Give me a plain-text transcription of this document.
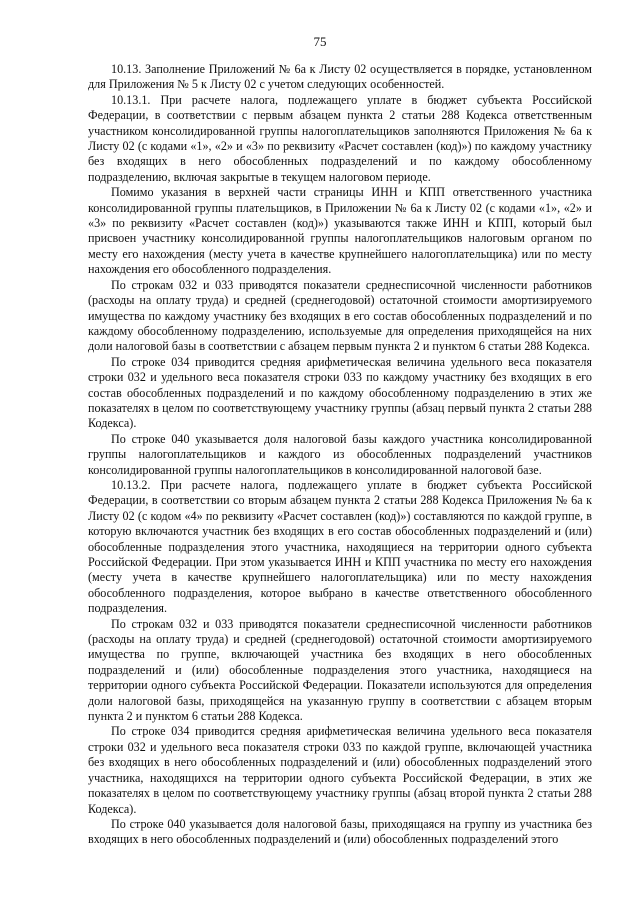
75

10.13. Заполнение Приложений № 6а к Листу 02 осуществляется в порядке, установленном для Приложения № 5 к Листу 02 с учетом следующих особенностей.

10.13.1. При расчете налога, подлежащего уплате в бюджет субъекта Российской Федерации, в соответствии с первым абзацем пункта 2 статьи 288 Кодекса ответственным участником консолидированной группы налогоплательщиков заполняются Приложения № 6а к Листу 02 (с кодами «1», «2» и «3» по реквизиту «Расчет составлен (код)») по каждому участнику без входящих в него обособленных подразделений и по каждому обособленному подразделению, включая закрытые в текущем налоговом периоде.

Помимо указания в верхней части страницы ИНН и КПП ответственного участника консолидированной группы плательщиков, в Приложении № 6а к Листу 02 (с кодами «1», «2» и «3» по реквизиту «Расчет составлен (код)») указываются также ИНН и КПП, который был присвоен участнику консолидированной группы налогоплательщиков налоговым органом по месту его нахождения (месту учета в качестве крупнейшего налогоплательщика) или по месту нахождения его обособленного подразделения.

По строкам 032 и 033 приводятся показатели среднесписочной численности работников (расходы на оплату труда) и средней (среднегодовой) остаточной стоимости амортизируемого имущества по каждому участнику без входящих в его состав обособленных подразделений и по каждому обособленному подразделению, используемые для определения приходящейся на них доли налоговой базы в соответствии с абзацем первым пункта 2 и пунктом 6 статьи 288 Кодекса.

По строке 034 приводится средняя арифметическая величина удельного веса показателя строки 032 и удельного веса показателя строки 033 по каждому участнику без входящих в его состав обособленных подразделений и по каждому обособленному подразделению в этих же показателях в целом по соответствующему участнику группы (абзац первый пункта 2 статьи 288 Кодекса).

По строке 040 указывается доля налоговой базы каждого участника консолидированной группы налогоплательщиков и каждого из обособленных подразделений участников консолидированной группы налогоплательщиков в консолидированной налоговой базе.

10.13.2. При расчете налога, подлежащего уплате в бюджет субъекта Российской Федерации, в соответствии со вторым абзацем пункта 2 статьи 288 Кодекса Приложения № 6а к Листу 02 (с кодом «4» по реквизиту «Расчет составлен (код)») составляются по каждой группе, в которую включаются участник без входящих в его состав обособленных подразделений и (или) обособленные подразделения этого участника, находящиеся на территории одного субъекта Российской Федерации. При этом указывается ИНН и КПП участника по месту его нахождения (месту учета в качестве крупнейшего налогоплательщика) или по месту нахождения обособленного подразделения, которое выбрано в качестве ответственного обособленного подразделения.

По строкам 032 и 033 приводятся показатели среднесписочной численности работников (расходы на оплату труда) и средней (среднегодовой) остаточной стоимости амортизируемого имущества по группе, включающей участника без входящих в него обособленных подразделений и (или) обособленные подразделения этого участника, находящиеся на территории одного субъекта Российской Федерации. Показатели используются для определения доли налоговой базы, приходящейся на указанную группу в соответствии с абзацем вторым пункта 2 и пунктом 6 статьи 288 Кодекса.

По строке 034 приводится средняя арифметическая величина удельного веса показателя строки 032 и удельного веса показателя строки 033 по каждой группе, включающей участника без входящих в него обособленных подразделений и (или) обособленных подразделений этого участника, находящихся на территории одного субъекта Российской Федерации, в этих же показателях в целом по соответствующему участнику группы (абзац второй пункта 2 статьи 288 Кодекса).

По строке 040 указывается доля налоговой базы, приходящаяся на группу из участника без входящих в него обособленных подразделений и (или) обособленных подразделений этого
